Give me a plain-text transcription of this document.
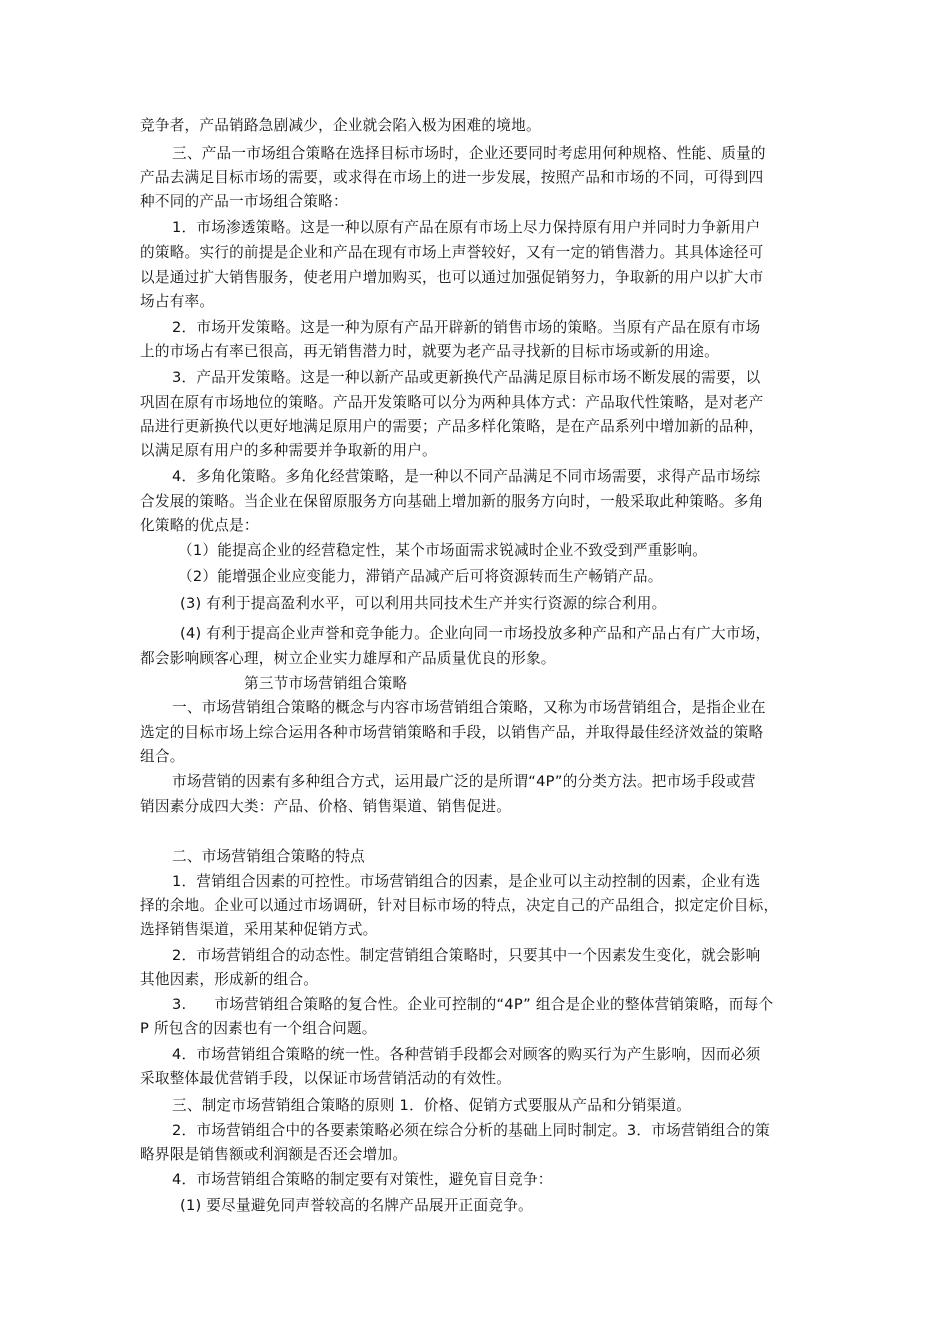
竞争者，产品销路急剧减少，企业就会陷入极为困难的境地。
三、产品一市场组合策略在选择目标市场时，企业还要同时考虑用何种规格、性能、质量的
产品去满足目标市场的需要，或求得在市场上的进一步发展，按照产品和市场的不同，可得到四
种不同的产品一市场组合策略：
1．市场渗透策略。这是一种以原有产品在原有市场上尽力保持原有用户并同时力争新用户
的策略。实行的前提是企业和产品在现有市场上声誉较好，又有一定的销售潜力。其具体途径可
以是通过扩大销售服务，使老用户增加购买，也可以通过加强促销努力，争取新的用户以扩大市
场占有率。
2．市场开发策略。这是一种为原有产品开辟新的销售市场的策略。当原有产品在原有市场
上的市场占有率已很高，再无销售潜力时，就要为老产品寻找新的目标市场或新的用途。
3．产品开发策略。这是一种以新产品或更新换代产品满足原目标市场不断发展的需要，以
巩固在原有市场地位的策略。产品开发策略可以分为两种具体方式：产品取代性策略，是对老产
品进行更新换代以更好地满足原用户的需要；产品多样化策略，是在产品系列中增加新的品种，
以满足原有用户的多种需要并争取新的用户。
4．多角化策略。多角化经营策略，是一种以不同产品满足不同市场需要，求得产品市场综
合发展的策略。当企业在保留原服务方向基础上增加新的服务方向时，一般采取此种策略。多角
化策略的优点是：
（1）能提高企业的经营稳定性，某个市场面需求锐减时企业不致受到严重影响。
（2）能增强企业应变能力，滞销产品减产后可将资源转而生产畅销产品。
(3) 有利于提高盈利水平，可以利用共同技术生产并实行资源的综合利用。
(4) 有利于提高企业声誉和竞争能力。企业向同一市场投放多种产品和产品占有广大市场，
都会影响顾客心理，树立企业实力雄厚和产品质量优良的形象。
第三节市场营销组合策略
一、市场营销组合策略的概念与内容市场营销组合策略，又称为市场营销组合，是指企业在
选定的目标市场上综合运用各种市场营销策略和手段，以销售产品，并取得最佳经济效益的策略
组合。
市场营销的因素有多种组合方式，运用最广泛的是所谓“4P”的分类方法。把市场手段或营
销因素分成四大类：产品、价格、销售渠道、销售促进。
二、市场营销组合策略的特点
1．营销组合因素的可控性。市场营销组合的因素，是企业可以主动控制的因素，企业有选
择的余地。企业可以通过市场调研，针对目标市场的特点，决定自己的产品组合，拟定定价目标，
选择销售渠道，采用某种促销方式。
2．市场营销组合的动态性。制定营销组合策略时，只要其中一个因素发生变化，就会影响
其他因素，形成新的组合。
3. 市场营销组合策略的复合性。企业可控制的“4P” 组合是企业的整体营销策略，而每个
P 所包含的因素也有一个组合问题。
4．市场营销组合策略的统一性。各种营销手段都会对顾客的购买行为产生影响，因而必须
采取整体最优营销手段，以保证市场营销活动的有效性。
三、制定市场营销组合策略的原则 1．价格、促销方式要服从产品和分销渠道。
2．市场营销组合中的各要素策略必须在综合分析的基础上同时制定。3．市场营销组合的策
略界限是销售额或利润额是否还会增加。
4．市场营销组合策略的制定要有对策性，避免盲目竞争：
(1) 要尽量避免同声誉较高的名牌产品展开正面竞争。
